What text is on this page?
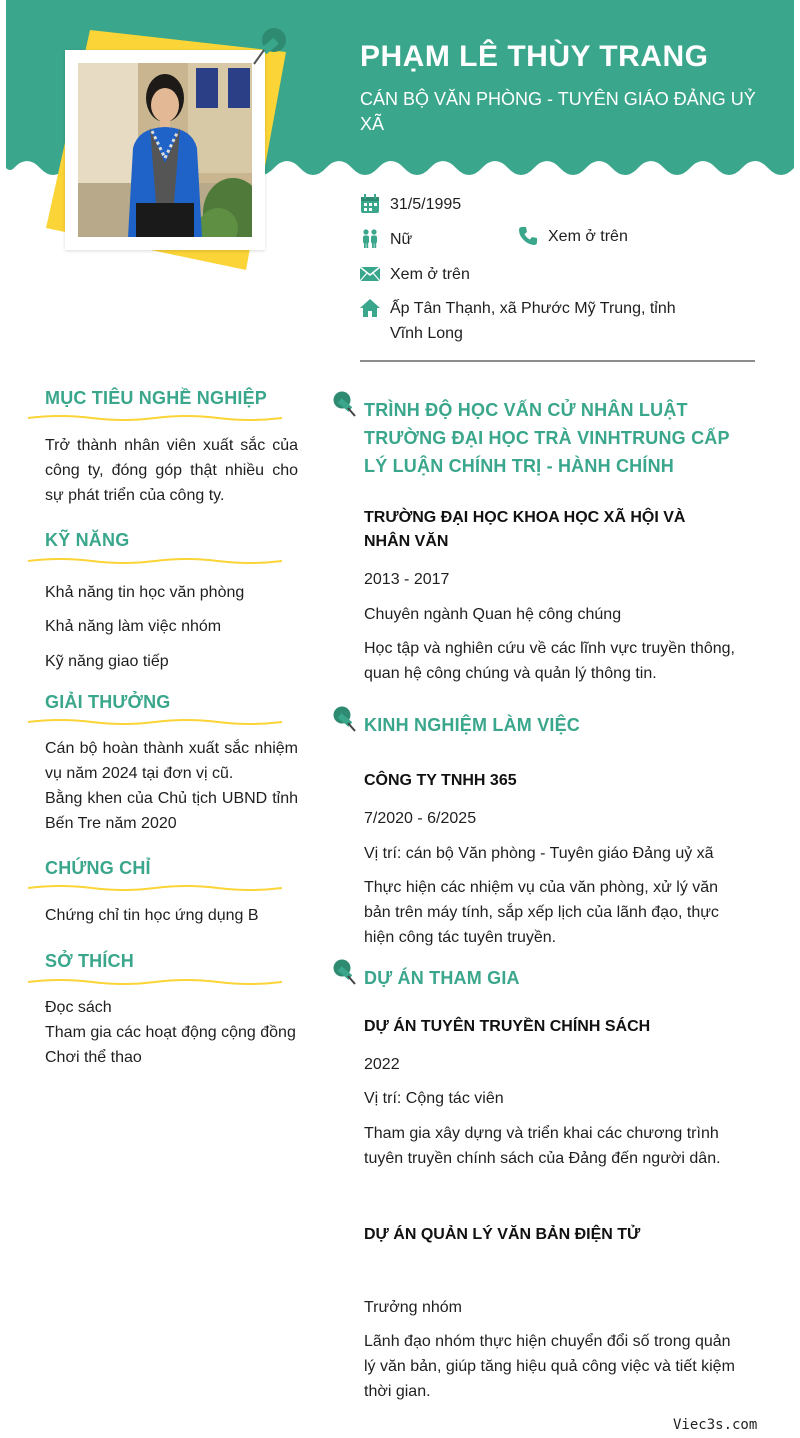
PHẠM LÊ THÙY TRANG
CÁN BỘ VĂN PHÒNG - TUYÊN GIÁO ĐẢNG UỶ XÃ
31/5/1995
Nữ	Xem ở trên
Xem ở trên
Ấp Tân Thạnh, xã Phước Mỹ Trung, tỉnh Vĩnh Long
MỤC TIÊU NGHỀ NGHIỆP
Trở thành nhân viên xuất sắc của công ty, đóng góp thật nhiều cho sự phát triển của công ty.
KỸ NĂNG
Khả năng tin học văn phòng
Khả năng làm việc nhóm
Kỹ năng giao tiếp
GIẢI THƯỞNG
Cán bộ hoàn thành xuất sắc nhiệm vụ năm 2024 tại đơn vị cũ.
Bằng khen của Chủ tịch UBND tỉnh Bến Tre năm 2020
CHỨNG CHỈ
Chứng chỉ tin học ứng dụng B
SỞ THÍCH
Đọc sách
Tham gia các hoạt động cộng đồng
Chơi thể thao
TRÌNH ĐỘ HỌC VẤN CỬ NHÂN LUẬT TRƯỜNG ĐẠI HỌC TRÀ VINHTRUNG CẤP LÝ LUẬN CHÍNH TRỊ - HÀNH CHÍNH
TRƯỜNG ĐẠI HỌC KHOA HỌC XÃ HỘI VÀ NHÂN VĂN
2013 - 2017
Chuyên ngành Quan hệ công chúng
Học tập và nghiên cứu về các lĩnh vực truyền thông, quan hệ công chúng và quản lý thông tin.
KINH NGHIỆM LÀM VIỆC
CÔNG TY TNHH 365
7/2020 - 6/2025
Vị trí: cán bộ Văn phòng - Tuyên giáo Đảng uỷ xã
Thực hiện các nhiệm vụ của văn phòng, xử lý văn bản trên máy tính, sắp xếp lịch của lãnh đạo, thực hiện công tác tuyên truyền.
DỰ ÁN THAM GIA
DỰ ÁN TUYÊN TRUYỀN CHÍNH SÁCH
2022
Vị trí: Cộng tác viên
Tham gia xây dựng và triển khai các chương trình tuyên truyền chính sách của Đảng đến người dân.
DỰ ÁN QUẢN LÝ VĂN BẢN ĐIỆN TỬ
Trưởng nhóm
Lãnh đạo nhóm thực hiện chuyển đổi số trong quản lý văn bản, giúp tăng hiệu quả công việc và tiết kiệm thời gian.
Viec3s.com
